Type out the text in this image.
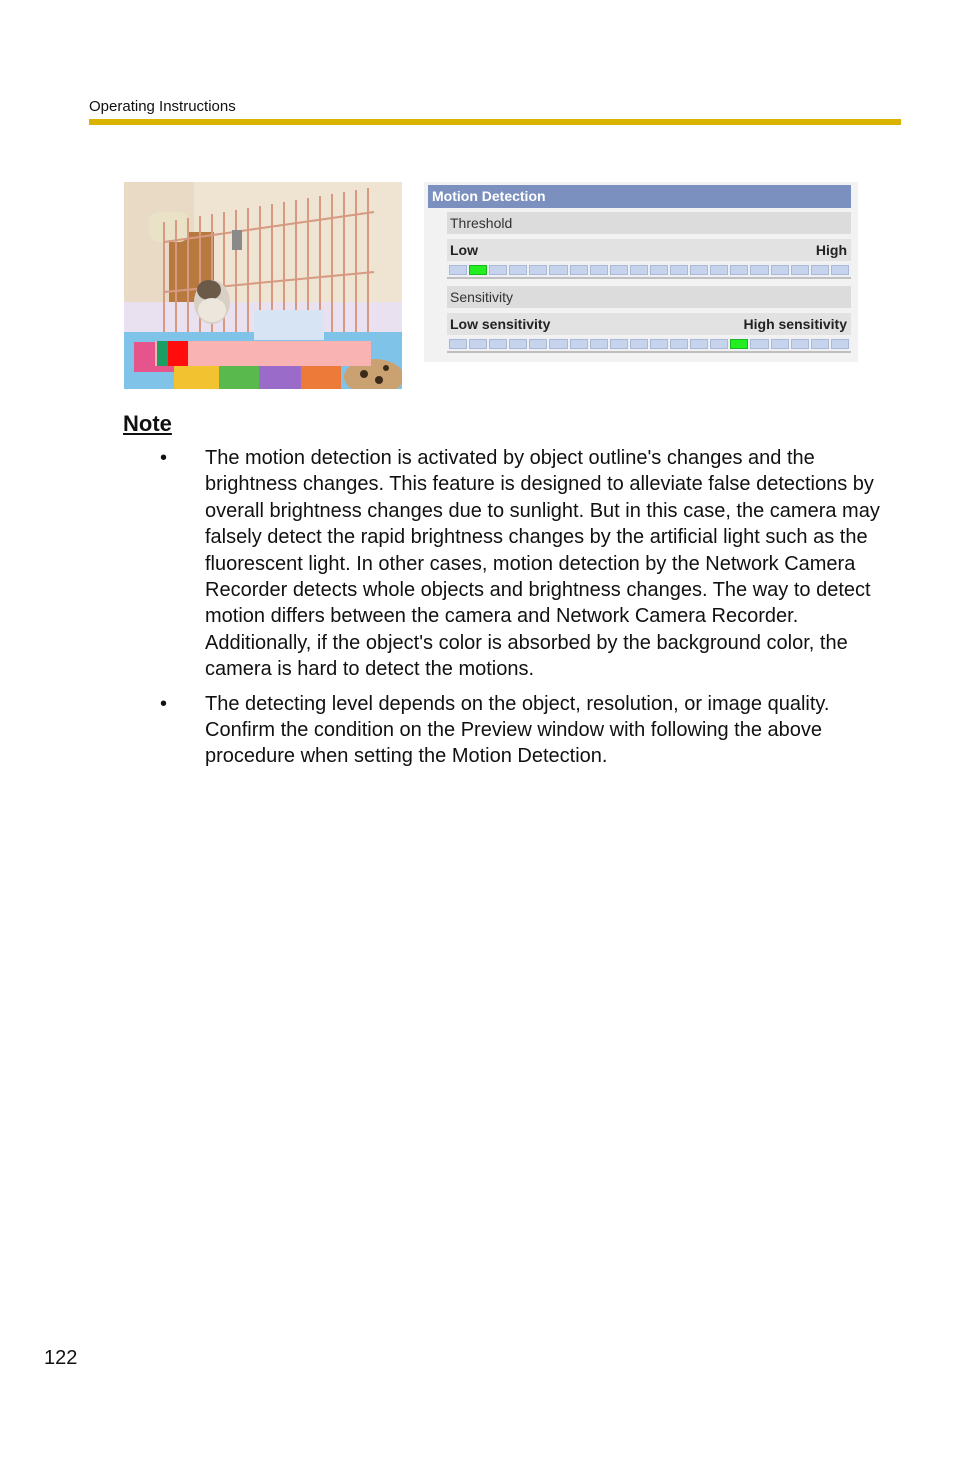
Operating Instructions
Motion Detection
Threshold
Low	High
Sensitivity
Low sensitivity	High sensitivity
Note
• The motion detection is activated by object outline's changes and the brightness changes. This feature is designed to alleviate false detections by overall brightness changes due to sunlight. But in this case, the camera may falsely detect the rapid brightness changes by the artificial light such as the fluorescent light. In other cases, motion detection by the Network Camera Recorder detects whole objects and brightness changes. The way to detect motion differs between the camera and Network Camera Recorder. Additionally, if the object's color is absorbed by the background color, the camera is hard to detect the motions.
• The detecting level depends on the object, resolution, or image quality. Confirm the condition on the Preview window with following the above procedure when setting the Motion Detection.
122
